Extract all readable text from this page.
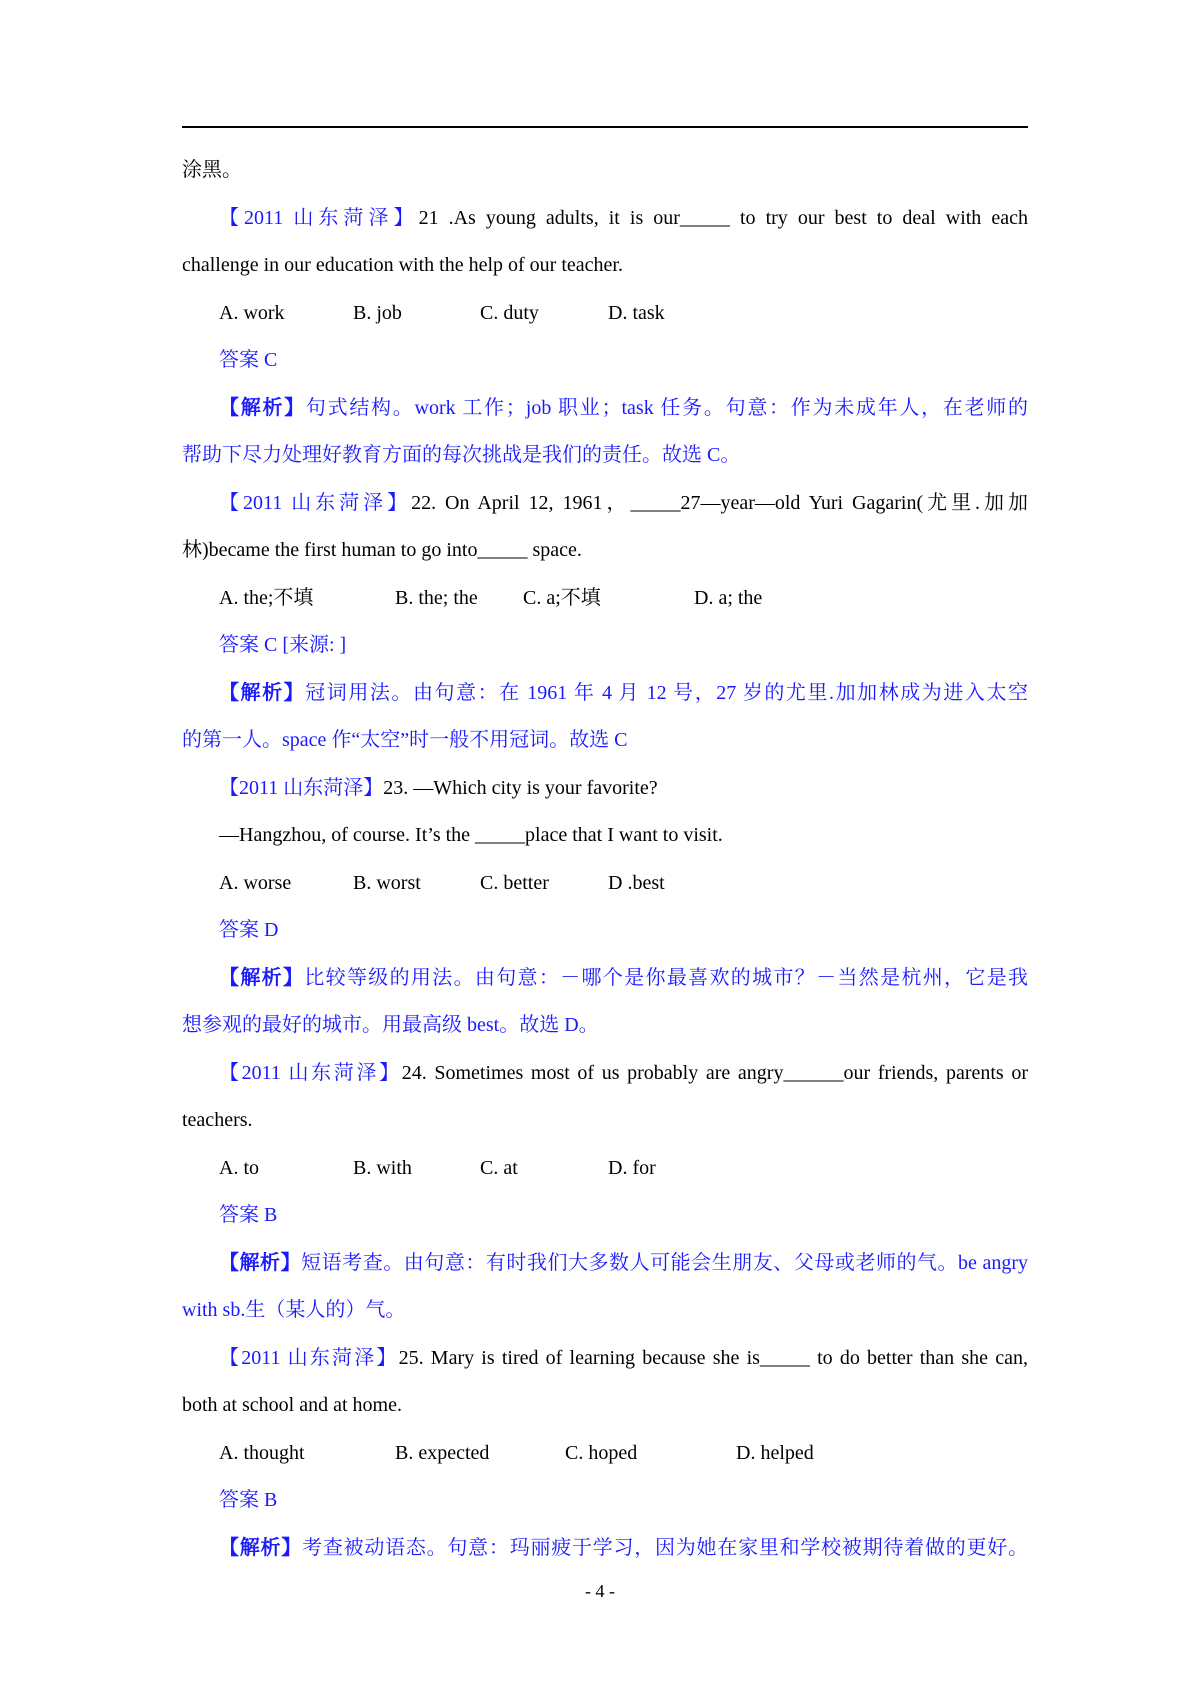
涂黑。
【2011 山东菏泽】21 .As young adults, it is our_____ to try our best to deal with each
challenge in our education with the help of our teacher.
A. work	B. job	C. duty	D. task
答案 C
【解析】句式结构。work 工作；job 职业；task 任务。句意：作为未成年人，在老师的
帮助下尽力处理好教育方面的每次挑战是我们的责任。故选 C。
【2011 山东菏泽】22. On April 12, 1961，_____27—year—old Yuri Gagarin(尤里.加加
林)became the first human to go into_____ space.
A. the;不填	B. the; the C. a;不填	D. a; the
答案 C [来源: ]
【解析】冠词用法。由句意：在 1961 年 4 月 12 号，27 岁的尤里.加加林成为进入太空
的第一人。space 作“太空”时一般不用冠词。故选 C
【2011 山东菏泽】23. —Which city is your favorite?
—Hangzhou, of course. It’s the _____place that I want to visit.
A. worse	B. worst	C. better	D .best
答案 D
【解析】比较等级的用法。由句意：－哪个是你最喜欢的城市？－当然是杭州，它是我
想参观的最好的城市。用最高级 best。故选 D。
【2011 山东菏泽】24. Sometimes most of us probably are angry______our friends, parents or
teachers.
A. to	B. with	C. at	D. for
答案 B
【解析】短语考查。由句意：有时我们大多数人可能会生朋友、父母或老师的气。be angry
with sb.生（某人的）气。
【2011 山东菏泽】25. Mary is tired of learning because she is_____ to do better than she can,
both at school and at home.
A. thought	B. expected	C. hoped	D. helped
答案 B
【解析】考查被动语态。句意：玛丽疲于学习，因为她在家里和学校被期待着做的更好。
- 4 -
